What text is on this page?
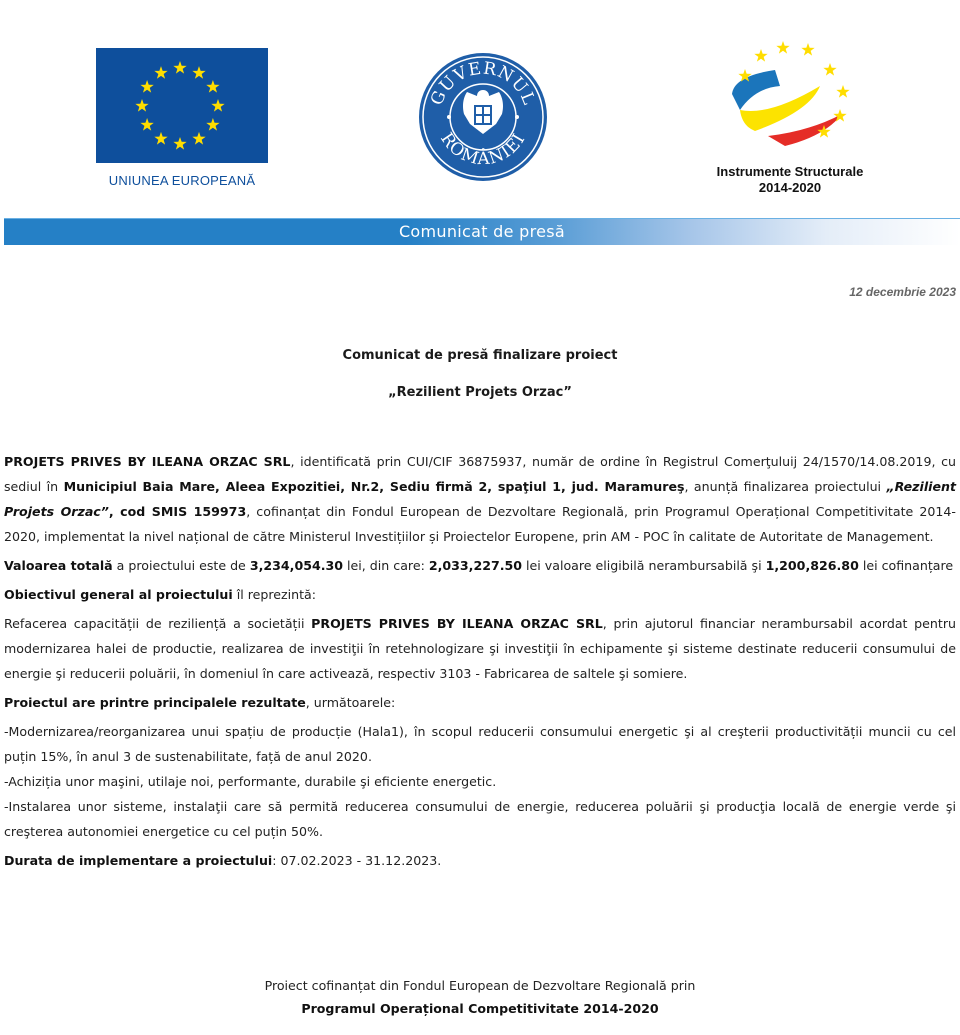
UNIUNEA EUROPEANĂ
GUVERNUL
ROMÂNIEI
Instrumente Structurale
2014-2020
Comunicat de presă
12 decembrie 2023
Comunicat de presă finalizare proiect
„Rezilient Projets Orzac”

PROJETS PRIVES BY ILEANA ORZAC SRL, identificată prin CUI/CIF 36875937, număr de ordine în Registrul Comerţuluij 24/1570/14.08.2019, cu sediul în Municipiul Baia Mare, Aleea Expozitiei, Nr.2, Sediu firmă 2, spaţiul 1, jud. Maramureş, anunță finalizarea proiectului „Rezilient Projets Orzac”, cod SMIS 159973, cofinanțat din Fondul European de Dezvoltare Regională, prin Programul Operațional Competitivitate 2014-2020, implementat la nivel național de către Ministerul Investițiilor și Proiectelor Europene, prin AM - POC în calitate de Autoritate de Management.

Valoarea totală a proiectului este de 3,234,054.30 lei, din care: 2,033,227.50 lei valoare eligibilă nerambursabilă şi 1,200,826.80 lei cofinanțare

Obiectivul general al proiectului îl reprezintă:

Refacerea capacității de reziliență a societății PROJETS PRIVES BY ILEANA ORZAC SRL, prin ajutorul financiar nerambursabil acordat pentru modernizarea halei de productie, realizarea de investiţii în retehnologizare şi investiţii în echipamente şi sisteme destinate reducerii consumului de energie şi reducerii poluării, în domeniul în care activează, respectiv 3103 - Fabricarea de saltele şi somiere.

Proiectul are printre principalele rezultate, următoarele:

-Modernizarea/reorganizarea unui spațiu de producție (Hala1), în scopul reducerii consumului energetic şi al creşterii productivității muncii cu cel puțin 15%, în anul 3 de sustenabilitate, față de anul 2020.
-Achiziția unor maşini, utilaje noi, performante, durabile şi eficiente energetic.
-Instalarea unor sisteme, instalaţii care să permită reducerea consumului de energie, reducerea poluării şi producţia locală de energie verde şi creşterea autonomiei energetice cu cel puțin 50%.

Durata de implementare a proiectului: 07.02.2023 - 31.12.2023.

Proiect cofinanțat din Fondul European de Dezvoltare Regională prin
Programul Operațional Competitivitate 2014-2020
